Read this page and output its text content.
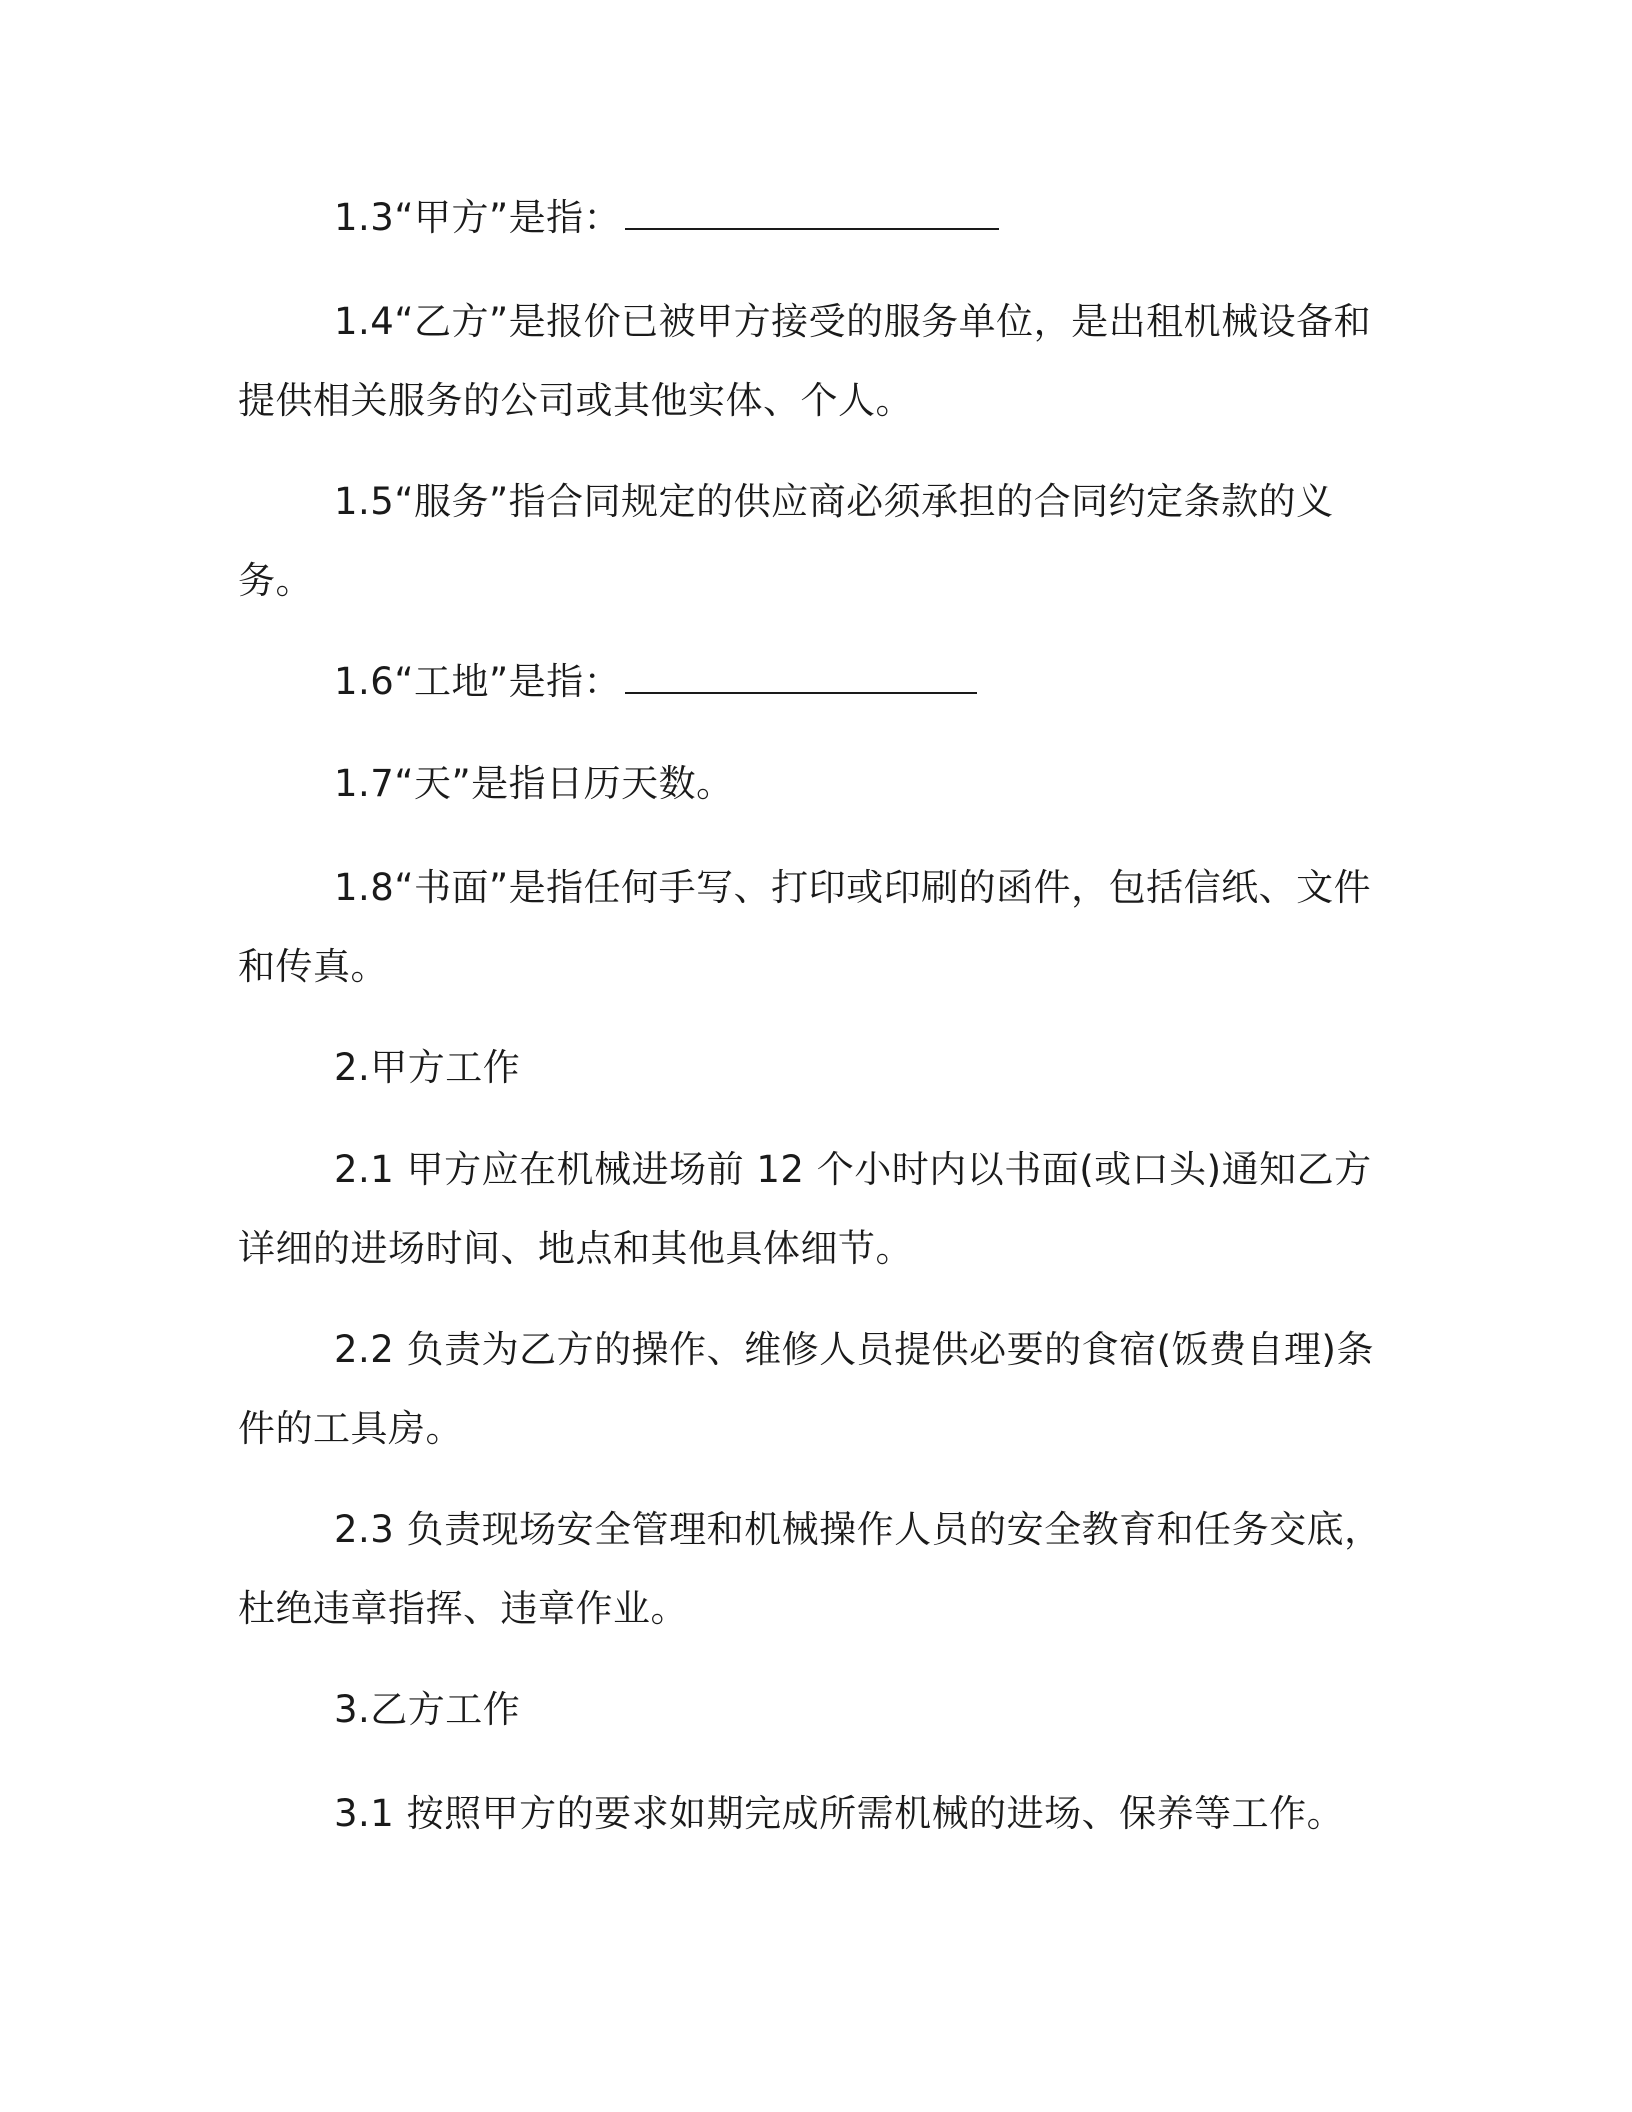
1.3“甲方”是指：

1.4“乙方”是报价已被甲方接受的服务单位，是出租机械设备和提供相关服务的公司或其他实体、个人。

1.5“服务”指合同规定的供应商必须承担的合同约定条款的义务。

1.6“工地”是指：

1.7“天”是指日历天数。

1.8“书面”是指任何手写、打印或印刷的函件，包括信纸、文件和传真。

2.甲方工作

2.1 甲方应在机械进场前 12 个小时内以书面(或口头)通知乙方详细的进场时间、地点和其他具体细节。

2.2 负责为乙方的操作、维修人员提供必要的食宿(饭费自理)条件的工具房。

2.3 负责现场安全管理和机械操作人员的安全教育和任务交底，杜绝违章指挥、违章作业。

3.乙方工作

3.1 按照甲方的要求如期完成所需机械的进场、保养等工作。
